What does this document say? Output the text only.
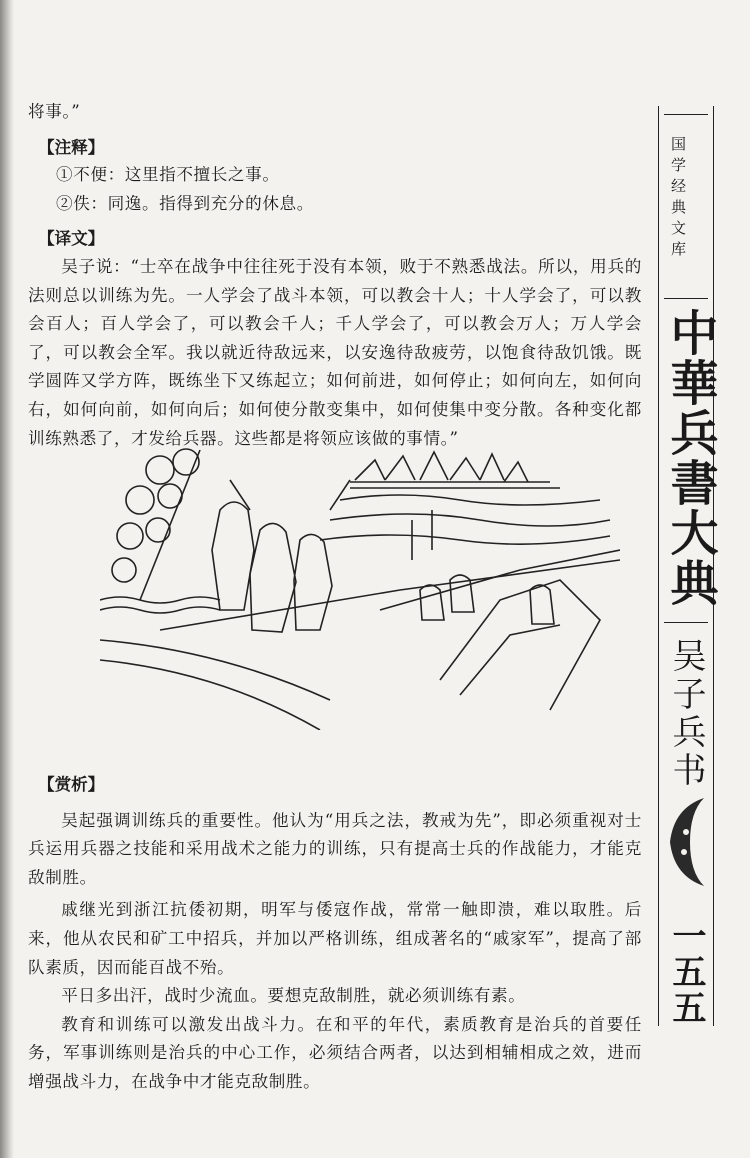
将事。”

【注释】

①不便：这里指不擅长之事。

②佚：同逸。指得到充分的休息。

【译文】

吴子说：“士卒在战争中往往死于没有本领，败于不熟悉战法。所以，用兵的法则总以训练为先。一人学会了战斗本领，可以教会十人；十人学会了，可以教会百人；百人学会了，可以教会千人；千人学会了，可以教会万人；万人学会了，可以教会全军。我以就近待敌远来，以安逸待敌疲劳，以饱食待敌饥饿。既学圆阵又学方阵，既练坐下又练起立；如何前进，如何停止；如何向左，如何向右，如何向前，如何向后；如何使分散变集中，如何使集中变分散。各种变化都训练熟悉了，才发给兵器。这些都是将领应该做的事情。”

【赏析】

吴起强调训练兵的重要性。他认为“用兵之法，教戒为先”，即必须重视对士兵运用兵器之技能和采用战术之能力的训练，只有提高士兵的作战能力，才能克敌制胜。

戚继光到浙江抗倭初期，明军与倭寇作战，常常一触即溃，难以取胜。后来，他从农民和矿工中招兵，并加以严格训练，组成著名的“戚家军”，提高了部队素质，因而能百战不殆。

平日多出汗，战时少流血。要想克敌制胜，就必须训练有素。

教育和训练可以激发出战斗力。在和平的年代，素质教育是治兵的首要任务，军事训练则是治兵的中心工作，必须结合两者，以达到相辅相成之效，进而增强战斗力，在战争中才能克敌制胜。

国学经典文库
中華兵書大典
吴子兵书
一五五
